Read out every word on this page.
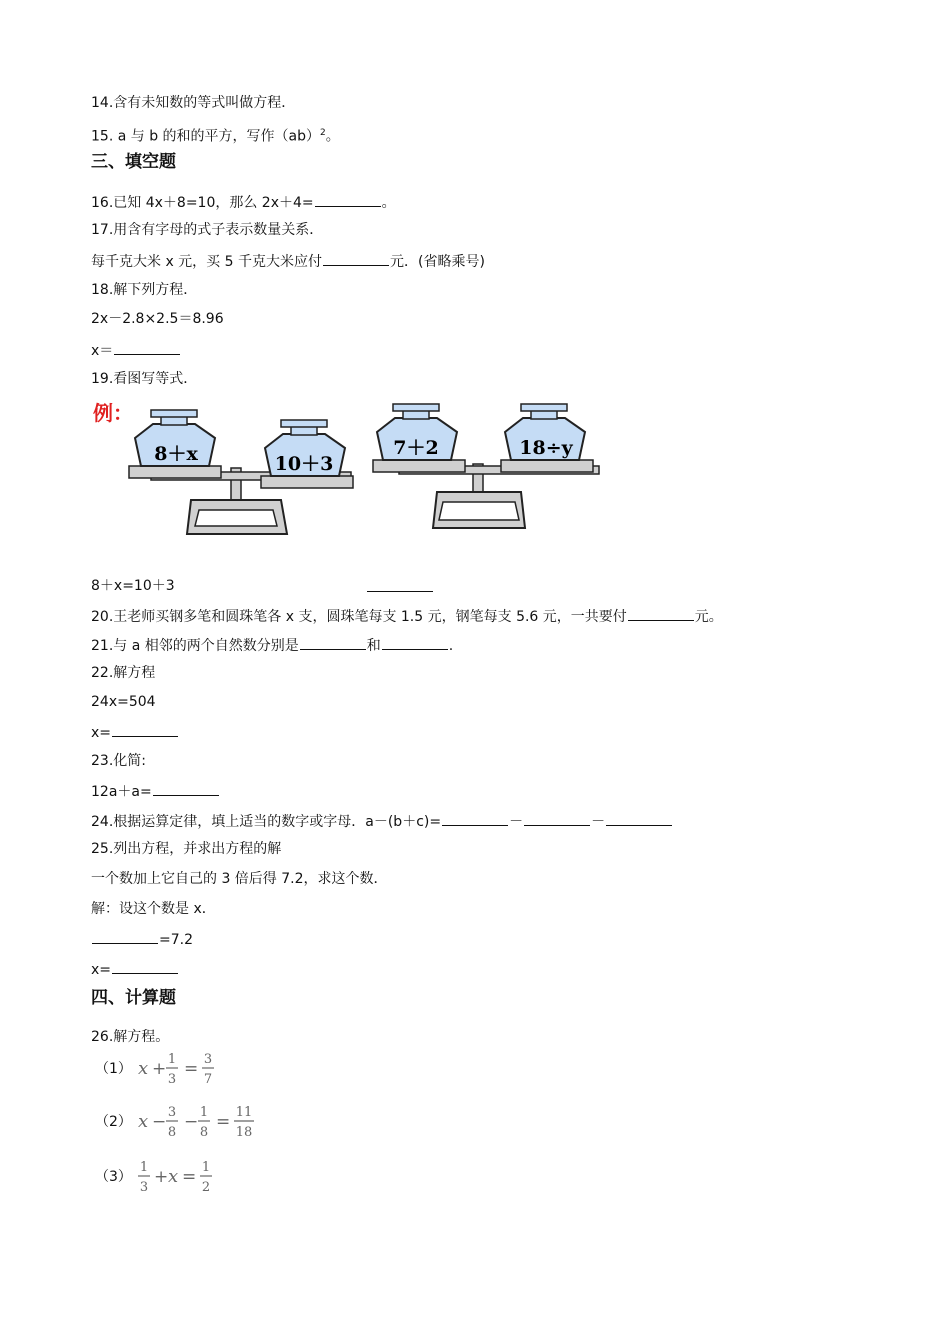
14.含有未知数的等式叫做方程．
15. a 与 b 的和的平方，写作（ab）$^2$。
三、填空题
16.已知 4x＋8=10，那么 2x＋4=	。
17.用含有字母的式子表示数量关系．
每千克大米 x 元，买 5 千克大米应付	元．(省略乘号)
18.解下列方程．
2x－2.8×2.5＝8.96
x＝
19.看图写等式．
例：
8＋x	10＋3
7＋2	18÷y
8＋x=10＋3
20.王老师买钢多笔和圆珠笔各 x 支，圆珠笔每支 1.5 元，钢笔每支 5.6 元，一共要付	元。
21.与 a 相邻的两个自然数分别是	和	.
22.解方程
24x=504
x=
23.化简:
12a＋a=
24.根据运算定律，填上适当的数字或字母．a－(b＋c)=	－	－
25.列出方程，并求出方程的解
一个数加上它自己的 3 倍后得 7.2，求这个数．
解：设这个数是 x．
=7.2
x=
四、计算题
26.解方程。
（1） x + 1
3
= 3
7
（2） x − 3
8
− 1
8
= 11
18
（3）
1
3
+ x = 1
2
